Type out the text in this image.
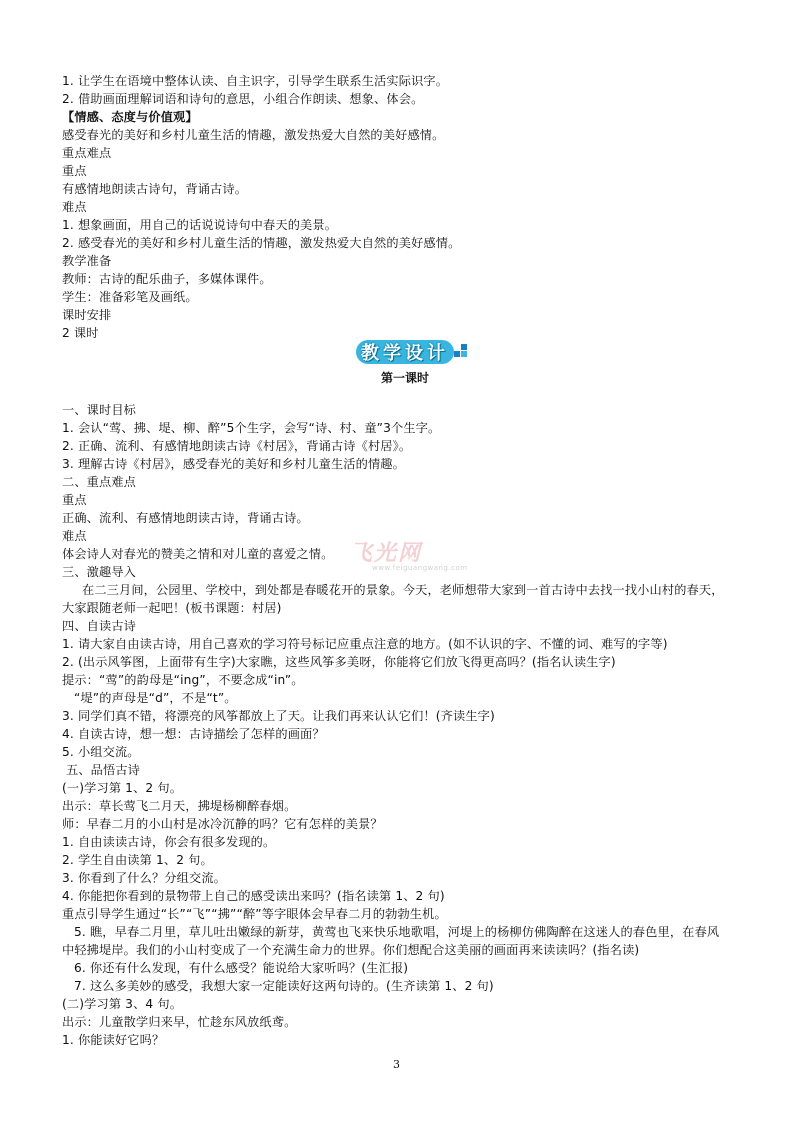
1. 让学生在语境中整体认读、自主识字，引导学生联系生活实际识字。
2. 借助画面理解词语和诗句的意思，小组合作朗读、想象、体会。
【情感、态度与价值观】
感受春光的美好和乡村儿童生活的情趣，激发热爱大自然的美好感情。
重点难点
重点
有感情地朗读古诗句，背诵古诗。
难点
1. 想象画面，用自己的话说说诗句中春天的美景。
2. 感受春光的美好和乡村儿童生活的情趣，激发热爱大自然的美好感情。
教学准备
教师：古诗的配乐曲子，多媒体课件。
学生：准备彩笔及画纸。
课时安排
2 课时
教学设计
第一课时
一、课时目标
1. 会认“莺、拂、堤、柳、醉”5个生字，会写“诗、村、童”3个生字。
2. 正确、流利、有感情地朗读古诗《村居》，背诵古诗《村居》。
3. 理解古诗《村居》，感受春光的美好和乡村儿童生活的情趣。
二、重点难点
重点
正确、流利、有感情地朗读古诗，背诵古诗。
难点
体会诗人对春光的赞美之情和对儿童的喜爱之情。
三、激趣导入
飞光网
www.feiguangwang.com
在二三月间，公园里、学校中，到处都是春暖花开的景象。今天，老师想带大家到一首古诗中去找一找小山村的春天，
大家跟随老师一起吧！(板书课题：村居)
四、自读古诗
1. 请大家自由读古诗，用自己喜欢的学习符号标记应重点注意的地方。(如不认识的字、不懂的词、难写的字等)
2. (出示风筝图，上面带有生字)大家瞧，这些风筝多美呀，你能将它们放飞得更高吗？(指名认读生字)
提示：“莺”的韵母是“ing”，不要念成“in”。
“堤”的声母是“d”，不是“t”。
3. 同学们真不错，将漂亮的风筝都放上了天。让我们再来认认它们！(齐读生字)
4. 自读古诗，想一想：古诗描绘了怎样的画面？
5. 小组交流。
五、品悟古诗
(一)学习第 1、2 句。
出示：草长莺飞二月天，拂堤杨柳醉春烟。
师：早春二月的小山村是冰冷沉静的吗？它有怎样的美景？
1. 自由读读古诗，你会有很多发现的。
2. 学生自由读第 1、2 句。
3. 你看到了什么？分组交流。
4. 你能把你看到的景物带上自己的感受读出来吗？(指名读第 1、2 句)
重点引导学生通过“长”“飞”“拂”“醉”等字眼体会早春二月的勃勃生机。
5. 瞧，早春二月里，草儿吐出嫩绿的新芽，黄莺也飞来快乐地歌唱，河堤上的杨柳仿佛陶醉在这迷人的春色里，在春风
中轻拂堤岸。我们的小山村变成了一个充满生命力的世界。你们想配合这美丽的画面再来读读吗？(指名读)
6. 你还有什么发现，有什么感受？能说给大家听吗？(生汇报)
7. 这么多美妙的感受，我想大家一定能读好这两句诗的。(生齐读第 1、2 句)
(二)学习第 3、4 句。
出示：儿童散学归来早，忙趁东风放纸鸢。
1. 你能读好它吗？
3
